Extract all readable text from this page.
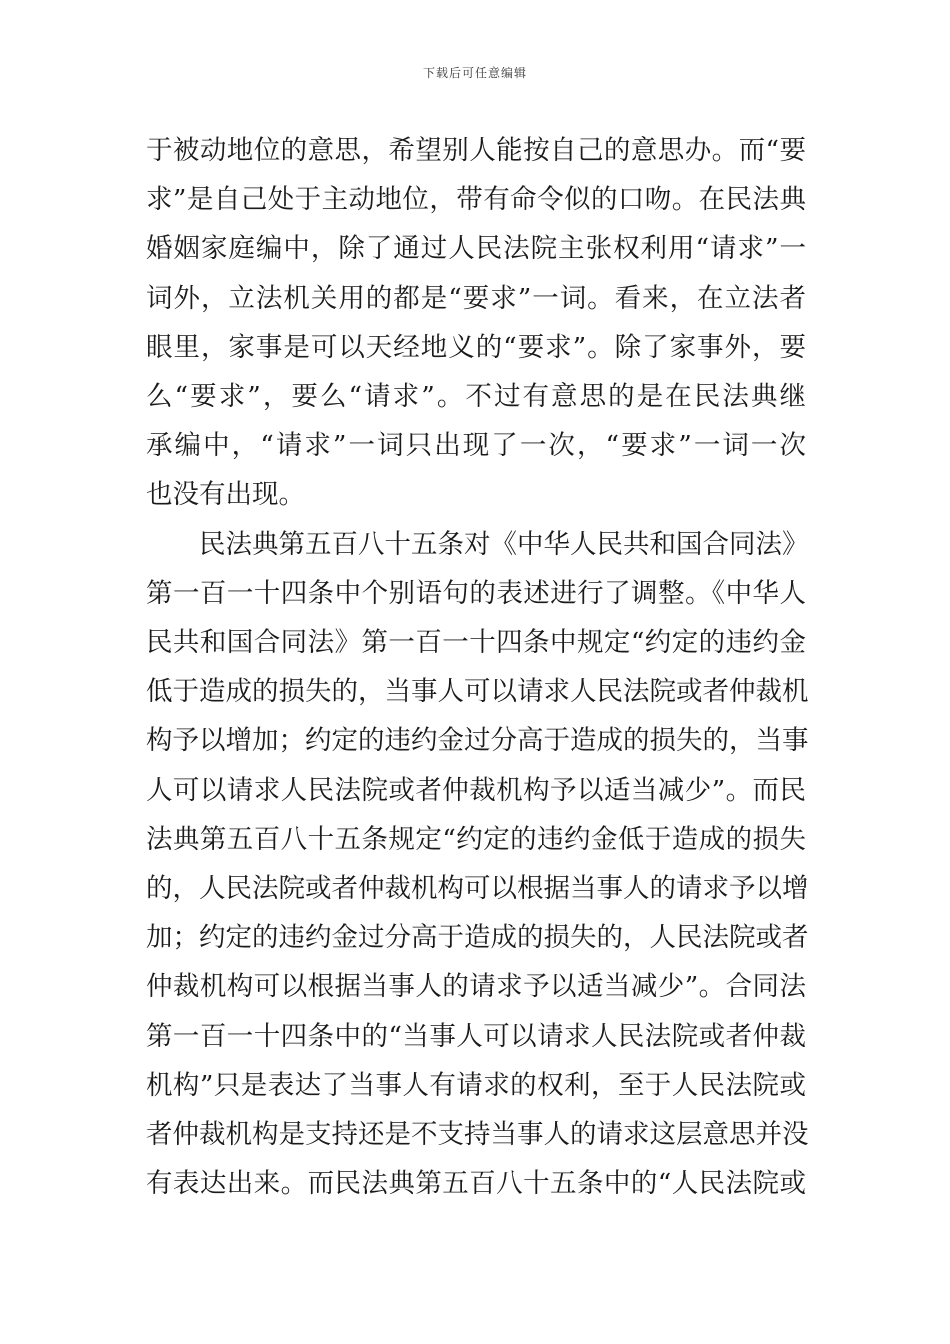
下载后可任意编辑

于被动地位的意思，希望别人能按自己的意思办。而“要
求”是自己处于主动地位，带有命令似的口吻。在民法典
婚姻家庭编中，除了通过人民法院主张权利用“请求”一
词外，立法机关用的都是“要求”一词。看来，在立法者
眼里，家事是可以天经地义的“要求”。除了家事外，要
么“要求”，要么“请求”。不过有意思的是在民法典继
承编中，“请求”一词只出现了一次，“要求”一词一次
也没有出现。

民法典第五百八十五条对《中华人民共和国合同法》
第一百一十四条中个别语句的表述进行了调整。《中华人
民共和国合同法》第一百一十四条中规定“约定的违约金
低于造成的损失的，当事人可以请求人民法院或者仲裁机
构予以增加；约定的违约金过分高于造成的损失的，当事
人可以请求人民法院或者仲裁机构予以适当减少”。而民
法典第五百八十五条规定“约定的违约金低于造成的损失
的，人民法院或者仲裁机构可以根据当事人的请求予以增
加；约定的违约金过分高于造成的损失的，人民法院或者
仲裁机构可以根据当事人的请求予以适当减少”。合同法
第一百一十四条中的“当事人可以请求人民法院或者仲裁
机构”只是表达了当事人有请求的权利，至于人民法院或
者仲裁机构是支持还是不支持当事人的请求这层意思并没
有表达出来。而民法典第五百八十五条中的“人民法院或
